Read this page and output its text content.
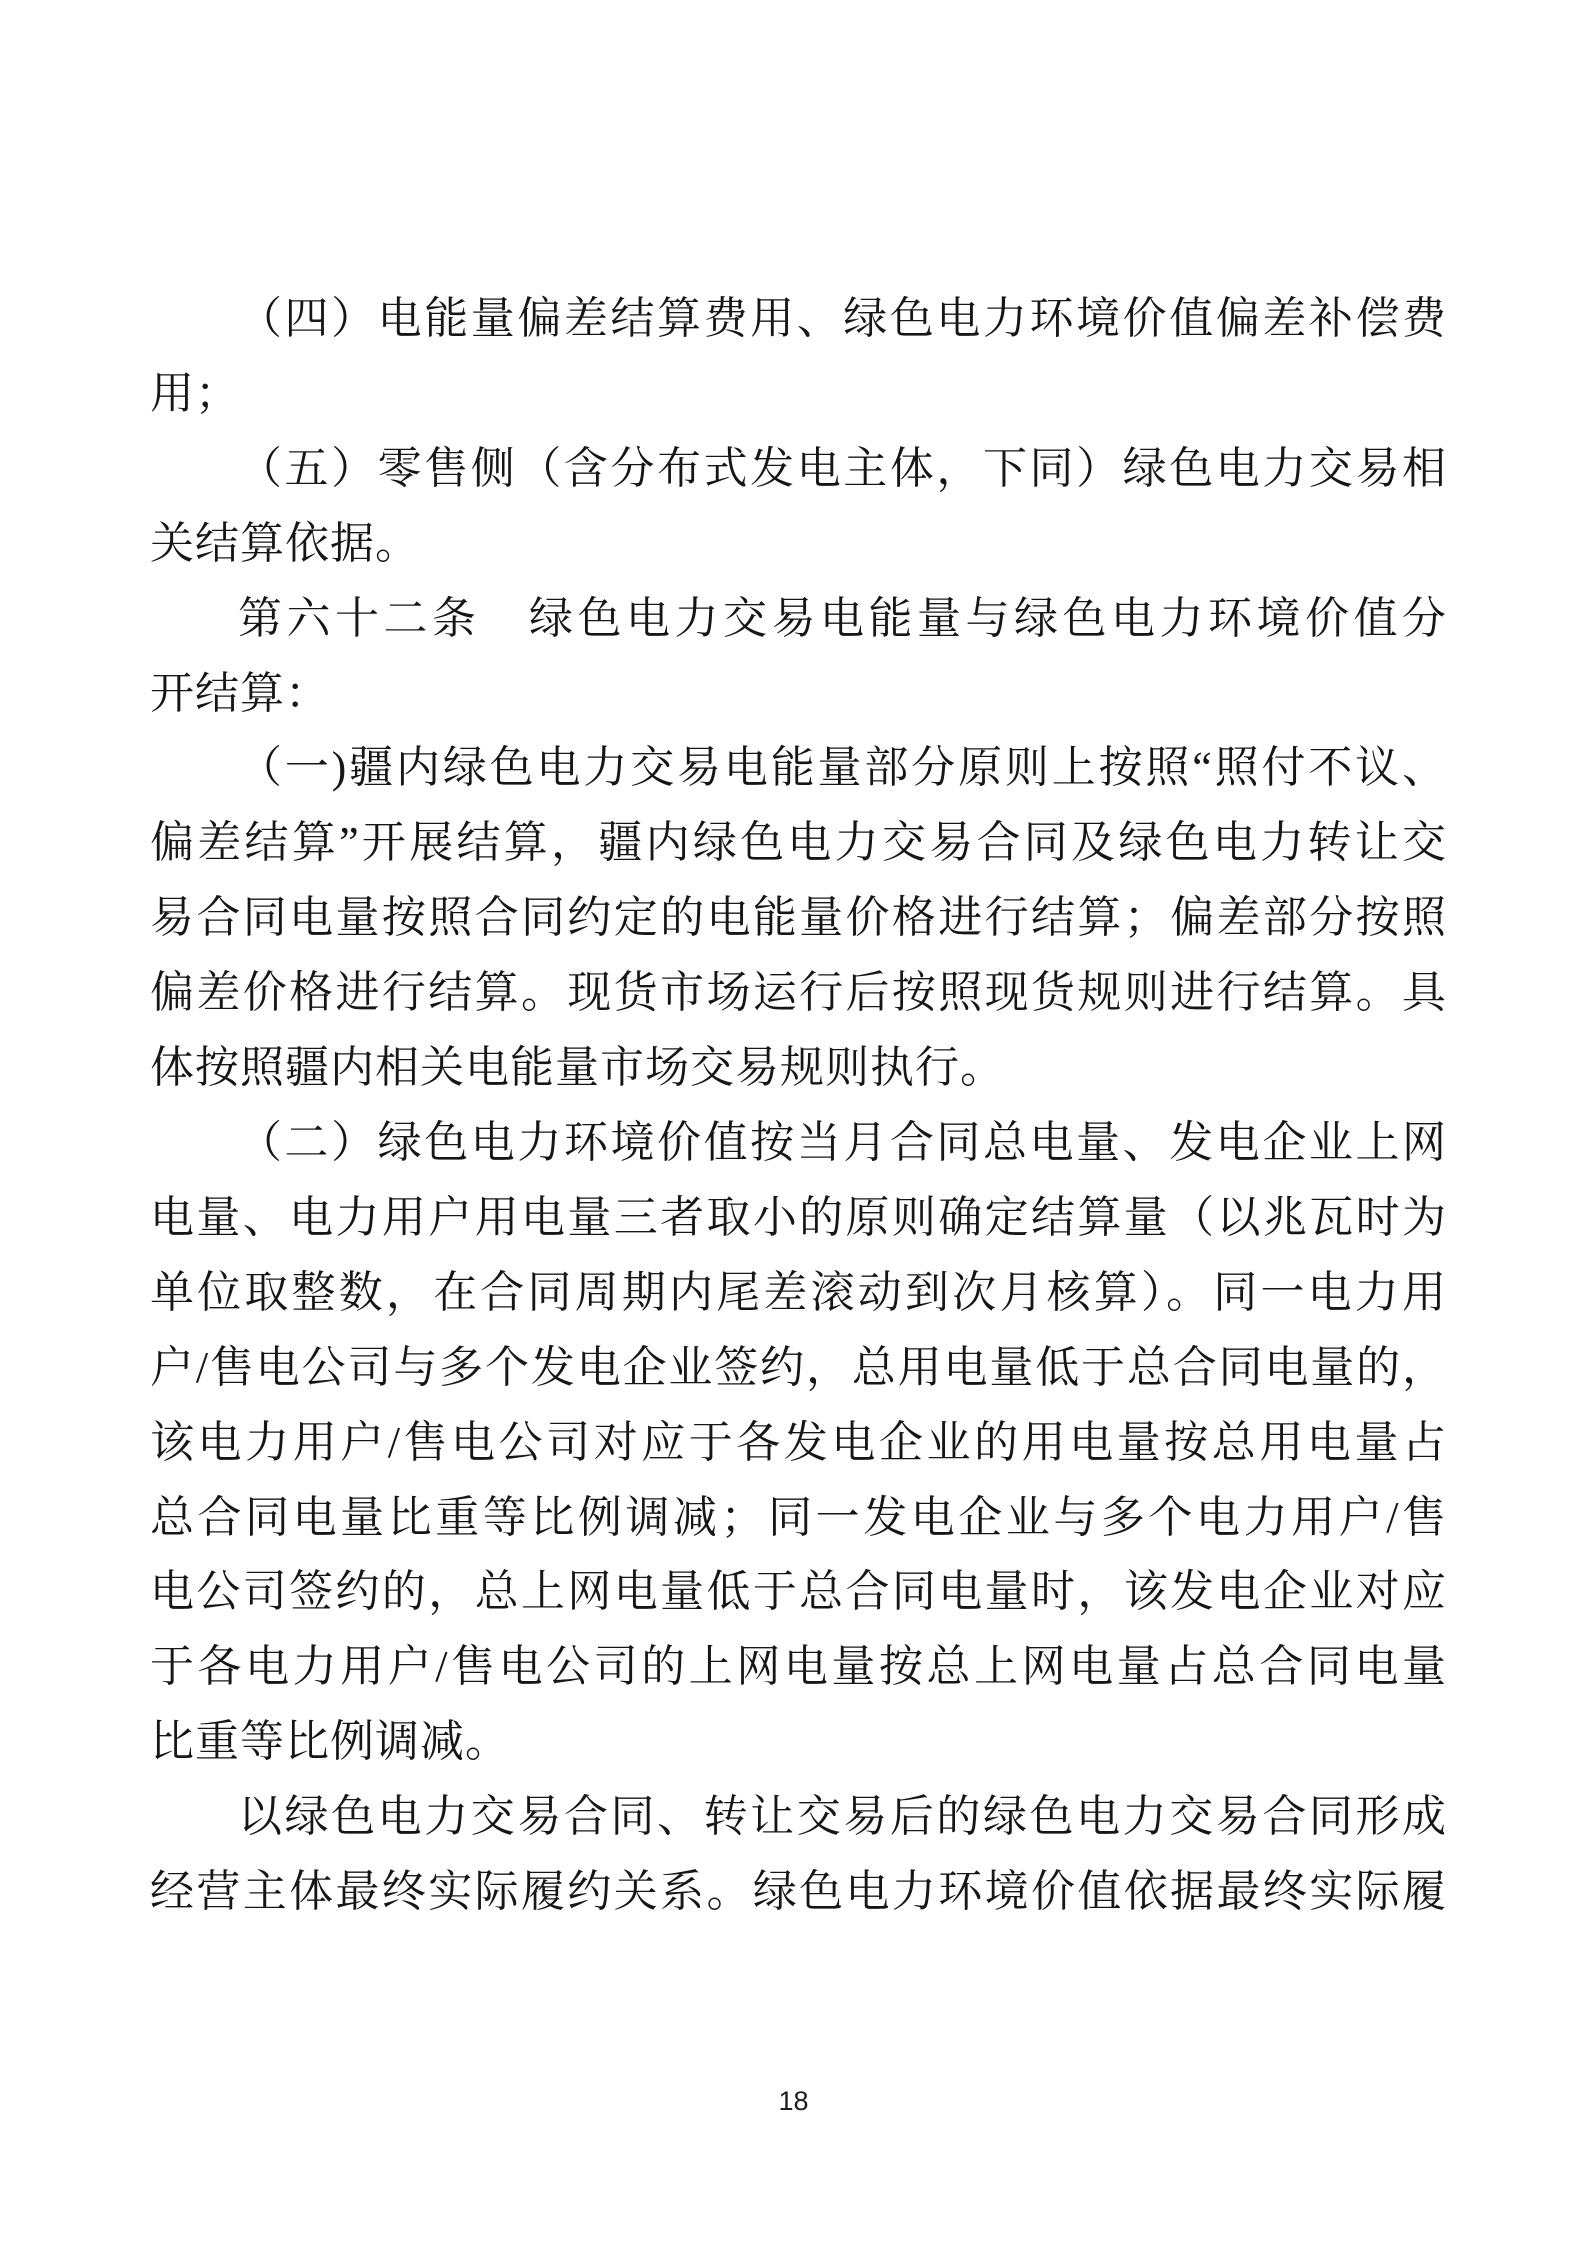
（四）电能量偏差结算费用、绿色电力环境价值偏差补偿费
用；
（五）零售侧（含分布式发电主体，下同）绿色电力交易相
关结算依据。
第六十二条　绿色电力交易电能量与绿色电力环境价值分
开结算：
（一)疆内绿色电力交易电能量部分原则上按照“照付不议、
偏差结算”开展结算，疆内绿色电力交易合同及绿色电力转让交
易合同电量按照合同约定的电能量价格进行结算；偏差部分按照
偏差价格进行结算。现货市场运行后按照现货规则进行结算。具
体按照疆内相关电能量市场交易规则执行。
（二）绿色电力环境价值按当月合同总电量、发电企业上网
电量、电力用户用电量三者取小的原则确定结算量（以兆瓦时为
单位取整数，在合同周期内尾差滚动到次月核算）。同一电力用
户/售电公司与多个发电企业签约，总用电量低于总合同电量的，
该电力用户/售电公司对应于各发电企业的用电量按总用电量占
总合同电量比重等比例调减；同一发电企业与多个电力用户/售
电公司签约的，总上网电量低于总合同电量时，该发电企业对应
于各电力用户/售电公司的上网电量按总上网电量占总合同电量
比重等比例调减。
以绿色电力交易合同、转让交易后的绿色电力交易合同形成
经营主体最终实际履约关系。绿色电力环境价值依据最终实际履
18
